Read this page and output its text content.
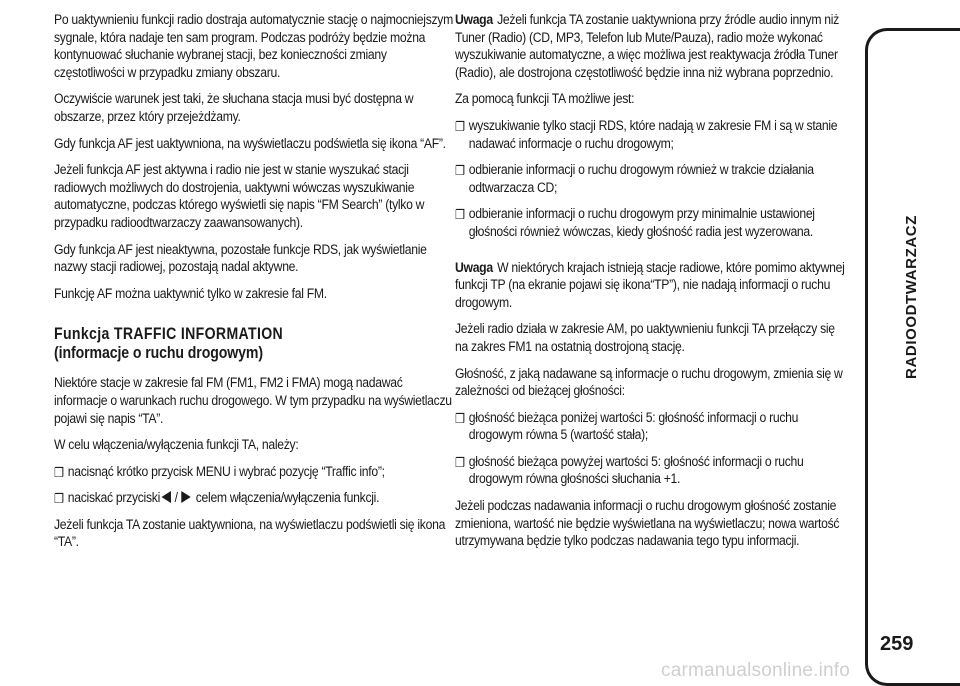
Po uaktywnieniu funkcji radio dostraja automatycznie stację o najmocniejszym sygnale, która nadaje ten sam program. Podczas podróży będzie można kontynuować słuchanie wybranej stacji, bez konieczności zmiany częstotliwości w przypadku zmiany obszaru.

Oczywiście warunek jest taki, że słuchana stacja musi być dostępna w obszarze, przez który przejeżdżamy.

Gdy funkcja AF jest uaktywniona, na wyświetlaczu podświetla się ikona “AF”.

Jeżeli funkcja AF jest aktywna i radio nie jest w stanie wyszukać stacji radiowych możliwych do dostrojenia, uaktywni wówczas wyszukiwanie automatyczne, podczas którego wyświetli się napis “FM Search” (tylko w przypadku radioodtwarzaczy zaawansowanych).

Gdy funkcja AF jest nieaktywna, pozostałe funkcje RDS, jak wyświetlanie nazwy stacji radiowej, pozostają nadal aktywne.

Funkcję AF można uaktywnić tylko w zakresie fal FM.

Funkcja TRAFFIC INFORMATION
(informacje o ruchu drogowym)

Niektóre stacje w zakresie fal FM (FM1, FM2 i FMA) mogą nadawać informacje o warunkach ruchu drogowego. W tym przypadku na wyświetlaczu pojawi się napis “TA”.

W celu włączenia/wyłączenia funkcji TA, należy:

❒ nacisnąć krótko przycisk MENU i wybrać pozycję “Traffic info”;
❒ naciskać przyciski / celem włączenia/wyłączenia funkcji.

Jeżeli funkcja TA zostanie uaktywniona, na wyświetlaczu podświetli się ikona “TA”.

Uwaga Jeżeli funkcja TA zostanie uaktywniona przy źródle audio innym niż Tuner (Radio) (CD, MP3, Telefon lub Mute/Pauza), radio może wykonać wyszukiwanie automatyczne, a więc możliwa jest reaktywacja źródła Tuner (Radio), ale dostrojona częstotliwość będzie inna niż wybrana poprzednio.

Za pomocą funkcji TA możliwe jest:

❒ wyszukiwanie tylko stacji RDS, które nadają w zakresie FM i są w stanie nadawać informacje o ruchu drogowym;
❒ odbieranie informacji o ruchu drogowym również w trakcie działania odtwarzacza CD;
❒ odbieranie informacji o ruchu drogowym przy minimalnie ustawionej głośności również wówczas, kiedy głośność radia jest wyzerowana.

Uwaga W niektórych krajach istnieją stacje radiowe, które pomimo aktywnej funkcji TP (na ekranie pojawi się ikona“TP”), nie nadają informacji o ruchu drogowym.

Jeżeli radio działa w zakresie AM, po uaktywnieniu funkcji TA przełączy się na zakres FM1 na ostatnią dostrojoną stację.

Głośność, z jaką nadawane są informacje o ruchu drogowym, zmienia się w zależności od bieżącej głośności:

❒ głośność bieżąca poniżej wartości 5: głośność informacji o ruchu drogowym równa 5 (wartość stała);
❒ głośność bieżąca powyżej wartości 5: głośność informacji o ruchu drogowym równa głośności słuchania +1.

Jeżeli podczas nadawania informacji o ruchu drogowym głośność zostanie zmieniona, wartość nie będzie wyświetlana na wyświetlaczu; nowa wartość utrzymywana będzie tylko podczas nadawania tego typu informacji.

RADIOODTWARZACZ
259
carmanualsonline.info
